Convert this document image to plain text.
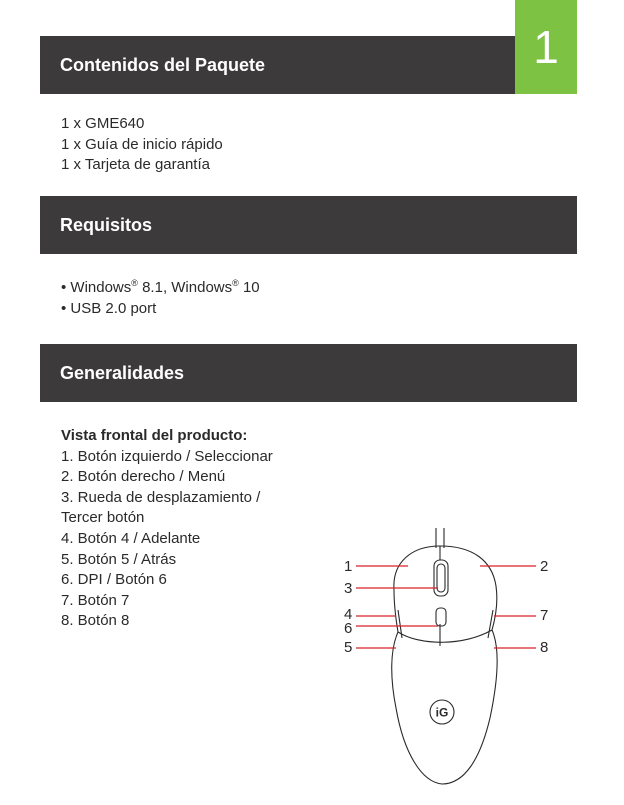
1
Contenidos del Paquete
1 x GME640
1 x Guía de inicio rápido
1 x Tarjeta de garantía
Requisitos
• Windows® 8.1, Windows® 10
• USB 2.0 port
Generalidades
Vista frontal del producto:
1. Botón izquierdo / Seleccionar
2. Botón derecho / Menú
3. Rueda de desplazamiento /
Tercer botón
4. Botón 4 / Adelante
5. Botón 5 / Atrás
6. DPI / Botón 6
7. Botón 7
8. Botón 8
iG
1	2
3
4
5
6
7
8
